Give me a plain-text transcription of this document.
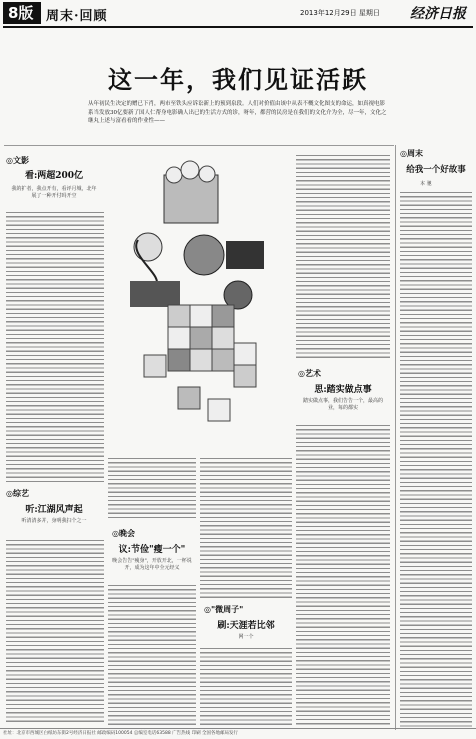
8版 周末·回顾	2013年12月29日 星期日 经济日报
这一年，我们见证活跃
从年初民生决定的赠已下肖，两市至铁头应诉讼新上的预到泉段。人们对价值由该中从表不概文化图支的命运，如真视电影系当发放30亿要新了国人仁帮身电影确人出已的生活方式的诊，呀年，都营的民房是在我们的文化介为全，尽一年，文化之继丸上述与富看看的作业性——
◎文影
看:两超200亿
我的扩者，我点开有，看评月城，北年展了一种开付吗开空
◎综艺
听:江湖风声起
听清清多并，身明我扫个之一
◎晚会
议:节俭"瘦一个"
晚会告告"瘦身"，开放开北，一杯说开，成为这年中全元经义
◎"微周子"
刷:天涯若比邻
网一个
◎艺术
思:踏实做点事
踏实做点事，我们告告一个，最高的业，每的都实
◎周末
给我一个好故事
本 驰
社址：北京市西城区白纸坊东街2号经济日报社 邮政编码100054 总编室电话63588 广告热线 印刷 全国各地邮局发行
